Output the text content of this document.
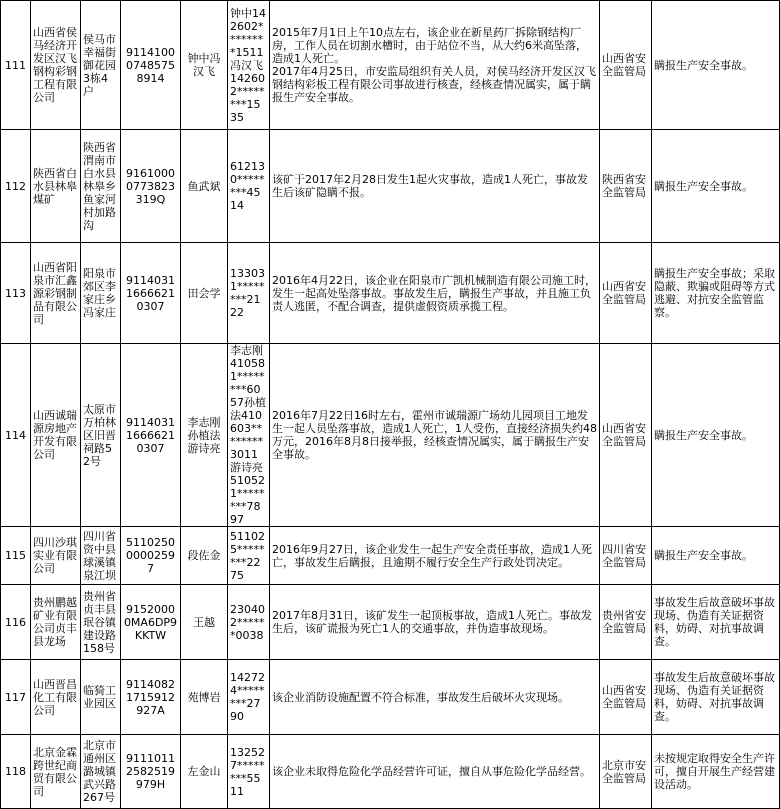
111	山西省侯马经济开发区汉飞钢构彩钢工程有限公司	侯马市幸福街御花园3栋4户	911410007485758914	钟中冯汉飞	钟中142602********1511冯汉飞142602********1535	2015年7月1日上午10点左右，该企业在新星药厂拆除钢结构厂房，工作人员在切割水槽时，由于站位不当，从大约6米高坠落，造成1人死亡。
2017年4月25日，市安监局组织有关人员，对侯马经济开发区汉飞钢结构彩板工程有限公司事故进行核查，经核查情况属实，属于瞒报生产安全事故。	山西省安全监管局	瞒报生产安全事故。
112	陕西省白水县林皋煤矿	陕西省渭南市白水县林皋乡鱼家河村加路沟	91610000773823319Q	鱼武斌	612130********4514	该矿于2017年2月28日发生1起火灾事故，造成1人死亡，事故发生后该矿隐瞒不报。	陕西省安全监管局	瞒报生产安全事故。
113	山西省阳泉市汇鑫源彩钢制品有限公司	阳泉市郊区李家庄乡冯家庄	911403116666210307	田会学	133031********2122	2016年4月22日，该企业在阳泉市广凯机械制造有限公司施工时，发生一起高处坠落事故。事故发生后，瞒报生产事故，并且施工负责人逃匿，不配合调查，提供虚假资质承揽工程。	山西省安全监管局	瞒报生产安全事故；采取隐蔽、欺骗或阻碍等方式逃避、对抗安全监管监察。
114	山西诚瑞源房地产开发有限公司	太原市万柏林区旧晋祠路52号	911403116666210307	李志刚孙植法游诗亮	李志刚410581********6057孙植法410603********3011游诗亮510521********7897	2016年7月22日16时左右，霍州市诚瑞源广场幼儿园项目工地发生一起人员坠落事故，造成1人死亡，1人受伤，直接经济损失约48万元，2016年8月8日接举报，经核查情况属实，属于瞒报生产安全事故。	山西省安全监管局	瞒报生产安全事故。
115	四川沙琪实业有限公司	四川省资中县球溪镇泉江坝	511025000002597	段佐金	511025********2275	2016年9月27日，该企业发生一起生产安全责任事故，造成1人死亡，事故发生后瞒报，且逾期不履行安全生产行政处罚决定。	四川省安全监管局	瞒报生产安全事故。
116	贵州鹏越矿业有限公司贞丰县龙场	贵州省贞丰县珉谷镇建设路158号	91520000MA6DP9KKTW	王越	230402******0038	2017年8月31日，该矿发生一起顶板事故，造成1人死亡。事故发生后，该矿谎报为死亡1人的交通事故，并伪造事故现场。	贵州省安全监管局	事故发生后故意破坏事故现场、伪造有关证据资料，妨碍、对抗事故调查。
117	山西晋昌化工有限公司	临猗工业园区	91140821715912927A	苑博岩	142724********2790	该企业消防设施配置不符合标准，事故发生后破坏火灾现场。	山西省安全监管局	事故发生后故意破坏事故现场、伪造有关证据资料，妨碍、对抗事故调查。
118	北京金霖跨世纪商贸有限公司	北京市通州区潞城镇武兴路267号	91110112582519979H	左金山	132527********5511	该企业未取得危险化学品经营许可证，擅自从事危险化学品经营。	北京市安全监管局	未按规定取得安全生产许可，擅自开展生产经营建设活动。
